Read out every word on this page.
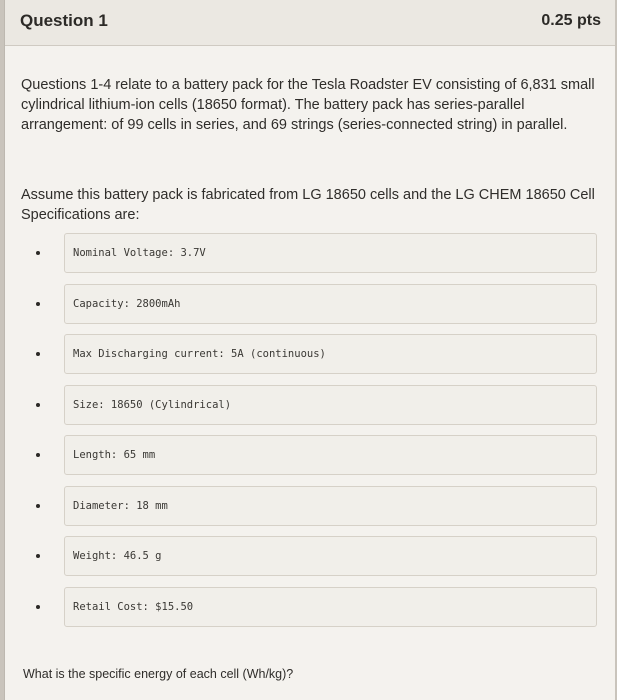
Question 1	0.25 pts
Questions 1-4 relate to a battery pack for the Tesla Roadster EV consisting of 6,831 small cylindrical lithium-ion cells (18650 format). The battery pack has series-parallel arrangement: of 99 cells in series, and 69 strings (series-connected string) in parallel.
Assume this battery pack is fabricated from LG 18650 cells and the LG CHEM 18650 Cell Specifications are:
Nominal Voltage: 3.7V
Capacity: 2800mAh
Max Discharging current: 5A (continuous)
Size: 18650 (Cylindrical)
Length: 65 mm
Diameter: 18 mm
Weight: 46.5 g
Retail Cost: $15.50
What is the specific energy of each cell (Wh/kg)?
